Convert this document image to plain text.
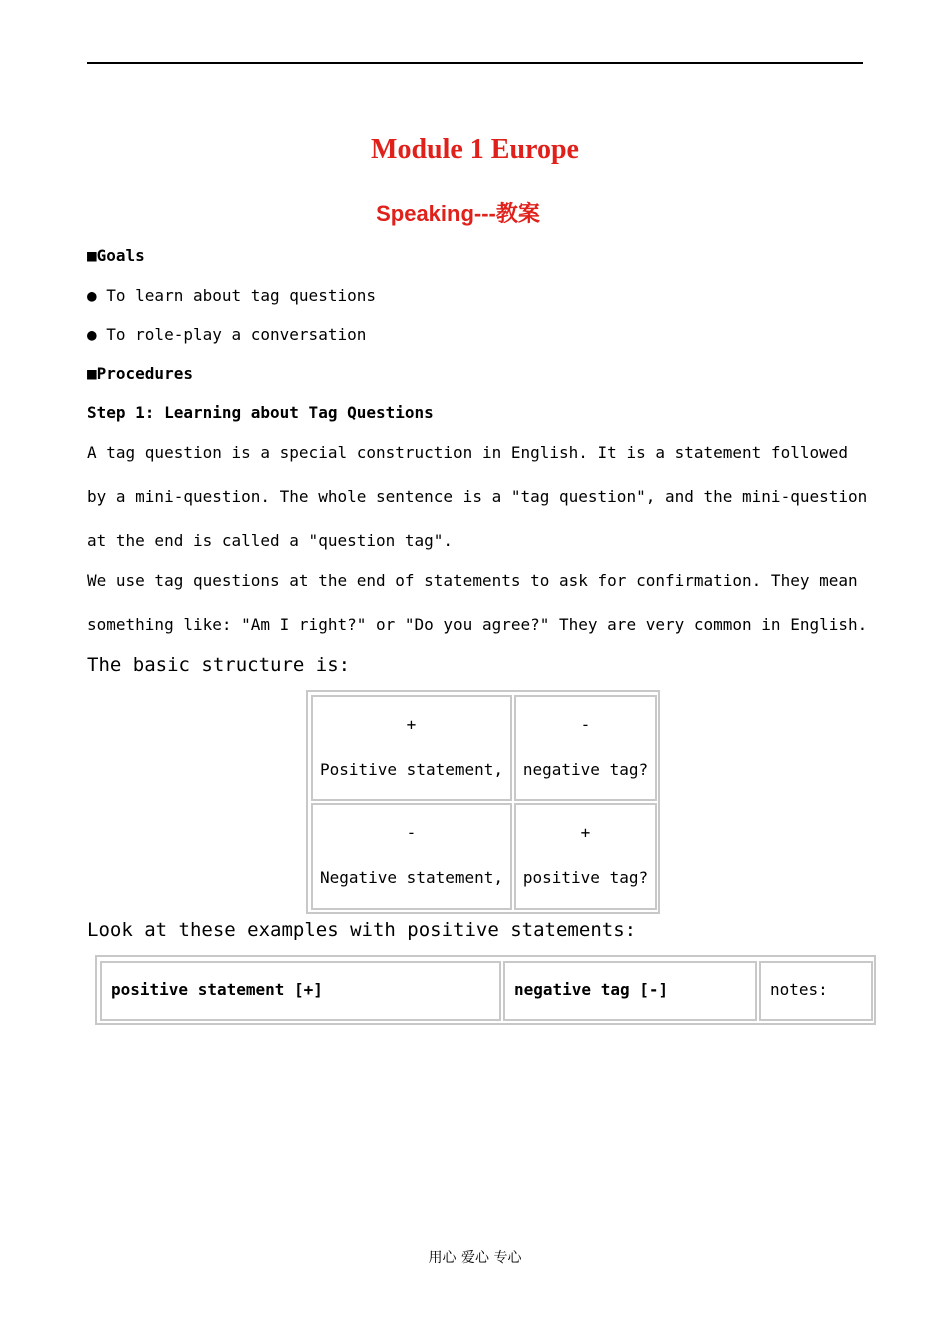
Module 1 Europe
Speaking---教案
■Goals
● To learn about tag questions
● To role-play a conversation
■Procedures
Step 1: Learning about Tag Questions
A tag question is a special construction in English. It is a statement followed
by a mini-question. The whole sentence is a "tag question", and the mini-question
at the end is called a "question tag".
We use tag questions at the end of statements to ask for confirmation. They mean
something like: "Am I right?" or "Do you agree?" They are very common in English.
The basic structure is:
+
Positive statement,
-
negative tag?
-
Negative statement,
+
positive tag?
Look at these examples with positive statements:
positive statement [+]	negative tag [-]	notes:
用心 爱心 专心
